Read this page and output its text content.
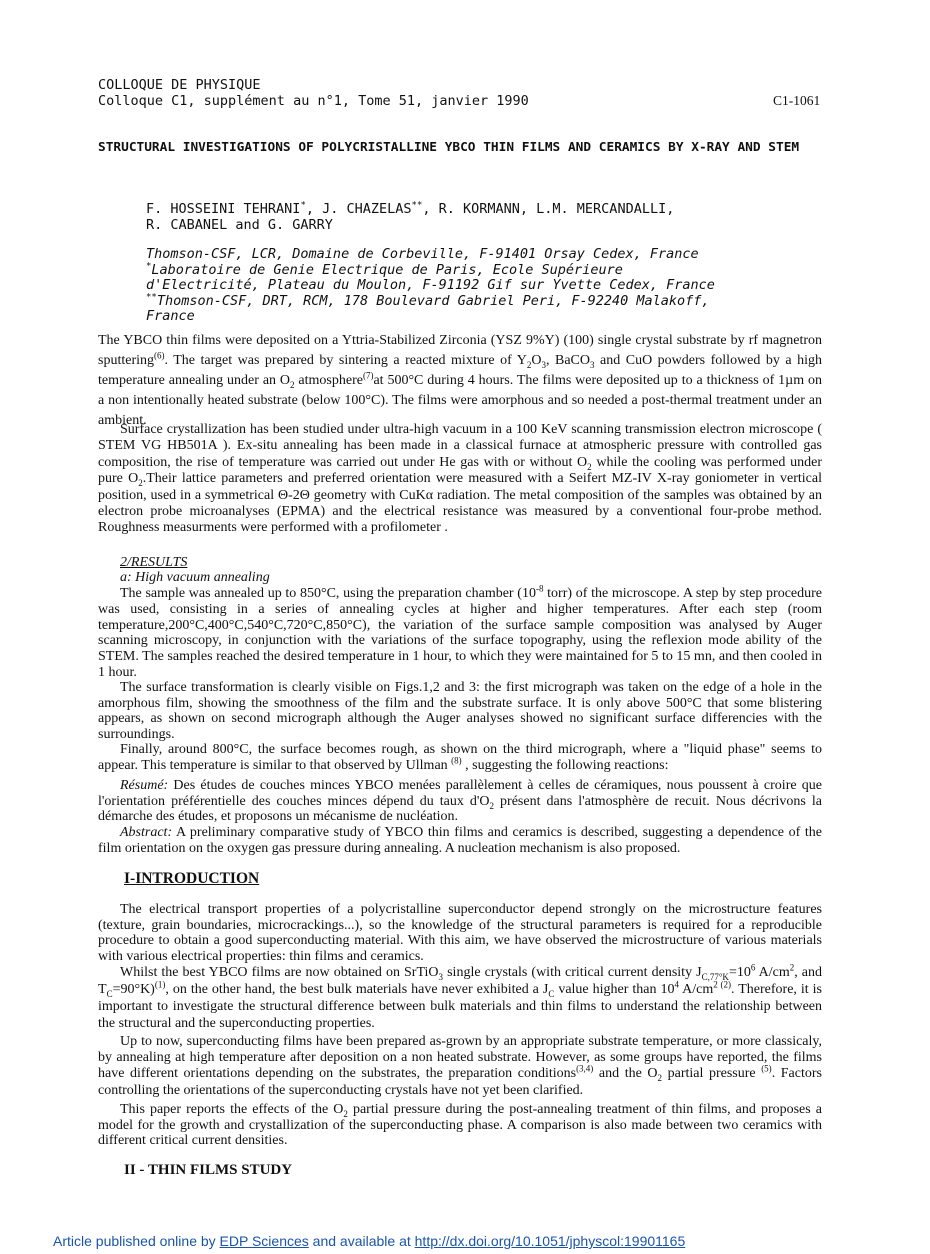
COLLOQUE DE PHYSIQUE
Colloque C1, supplément au n°1, Tome 51, janvier 1990	C1-1061
STRUCTURAL INVESTIGATIONS OF POLYCRISTALLINE YBCO THIN FILMS AND CERAMICS BY X-RAY AND STEM
F. HOSSEINI TEHRANI*, J. CHAZELAS**, R. KORMANN, L.M. MERCANDALLI,
R. CABANEL and G. GARRY
Thomson-CSF, LCR, Domaine de Corbeville, F-91401 Orsay Cedex, France
*Laboratoire de Genie Electrique de Paris, Ecole Supérieure
d'Electricité, Plateau du Moulon, F-91192 Gif sur Yvette Cedex, France
**Thomson-CSF, DRT, RCM, 178 Boulevard Gabriel Peri, F-92240 Malakoff,
France
The YBCO thin films were deposited on a Yttria-Stabilized Zirconia (YSZ 9%Y) (100) single crystal substrate by rf magnetron sputtering$^{(6)}$. The target was prepared by sintering a reacted mixture of $Y_2O_3$, BaCO$_3$ and CuO powders followed by a high temperature annealing under an $O_2$ atmosphere$^{(7)}$at 500°C during 4 hours. The films were deposited up to a thickness of 1µm on a non intentionally heated substrate (below 100°C). The films were amorphous and so needed a post-thermal treatment under an ambient.
Surface crystallization has been studied under ultra-high vacuum in a 100 KeV scanning transmission electron microscope ( STEM VG HB501A ). Ex-situ annealing has been made in a classical furnace at atmospheric pressure with controlled gas composition, the rise of temperature was carried out under He gas with or without $O_2$ while the cooling was performed under pure $O_2.Their$ lattice parameters and preferred orientation were measured with a Seifert MZ-IV X-ray goniometer in vertical position, used in a symmetrical Θ-2Θ geometry with CuKα radiation. The metal composition of the samples was obtained by an electron probe microanalyses (EPMA) and the electrical resistance was measured by a conventional four-probe method. Roughness measurments were performed with a profilometer .
2/RESULTS
a: High vacuum annealing
The sample was annealed up to 850°C, using the preparation chamber ($10^{-8}$ torr) of the microscope. A step by step procedure was used, consisting in a series of annealing cycles at higher and higher temperatures. After each step (room temperature,200°C,400°C,540°C,720°C,850°C), the variation of the surface sample composition was analysed by Auger scanning microscopy, in conjunction with the variations of the surface topography, using the reflexion mode ability of the STEM. The samples reached the desired temperature in 1 hour, to which they were maintained for 5 to 15 mn, and then cooled in 1 hour.
The surface transformation is clearly visible on Figs.1,2 and 3: the first micrograph was taken on the edge of a hole in the amorphous film, showing the smoothness of the film and the substrate surface. It is only above 500°C that some blistering appears, as shown on second micrograph although the Auger analyses showed no significant surface differencies with the surroundings.
Finally, around 800°C, the surface becomes rough, as shown on the third micrograph, where a "liquid phase" seems to appear. This temperature is similar to that observed by Ullman $^{(8)}$ , suggesting the following reactions:
Résumé: Des études de couches minces YBCO menées parallèlement à celles de céramiques, nous poussent à croire que l'orientation préférentielle des couches minces dépend du taux $d'O_2$ présent dans l'atmosphère de recuit. Nous décrivons la démarche des études, et proposons un mécanisme de nucléation.
Abstract: A preliminary comparative study of YBCO thin films and ceramics is described, suggesting a dependence of the film orientation on the oxygen gas pressure during annealing. A nucleation mechanism is also proposed.
I-INTRODUCTION
The electrical transport properties of a polycristalline superconductor depend strongly on the microstructure features (texture, grain boundaries, microcrackings...), so the knowledge of the structural parameters is required for a reproducible procedure to obtain a good superconducting material. With this aim, we have observed the microstructure of various materials with various electrical properties: thin films and ceramics.
Whilst the best YBCO films are now obtained on SrTiO$_3$ single crystals (with critical current density $J_{C,77^\circ K}=10^6$ $A/cm^2$, and $T_C=90^\circ K)^{(1)}$, on the other hand, the best bulk materials have never exhibited a $J_C$ value higher than $10^4$ $A/cm^{2 (2)}$. Therefore, it is important to investigate the structural difference between bulk materials and thin films to understand the relationship between the structural and the superconducting properties.
Up to now, superconducting films have been prepared as-grown by an appropriate substrate temperature, or more classicaly, by annealing at high temperature after deposition on a non heated substrate. However, as some groups have reported, the films have different orientations depending on the substrates, the preparation conditions$^{(3,4)}$ and the $O_2$ partial pressure $^{(5)}$. Factors controlling the orientations of the superconducting crystals have not yet been clarified.
This paper reports the effects of the $O_2$ partial pressure during the post-annealing treatment of thin films, and proposes a model for the growth and crystallization of the superconducting phase. A comparison is also made between two ceramics with different critical current densities.
II - THIN FILMS STUDY
Article published online by EDP Sciences and available at http://dx.doi.org/10.1051/jphyscol:19901165
